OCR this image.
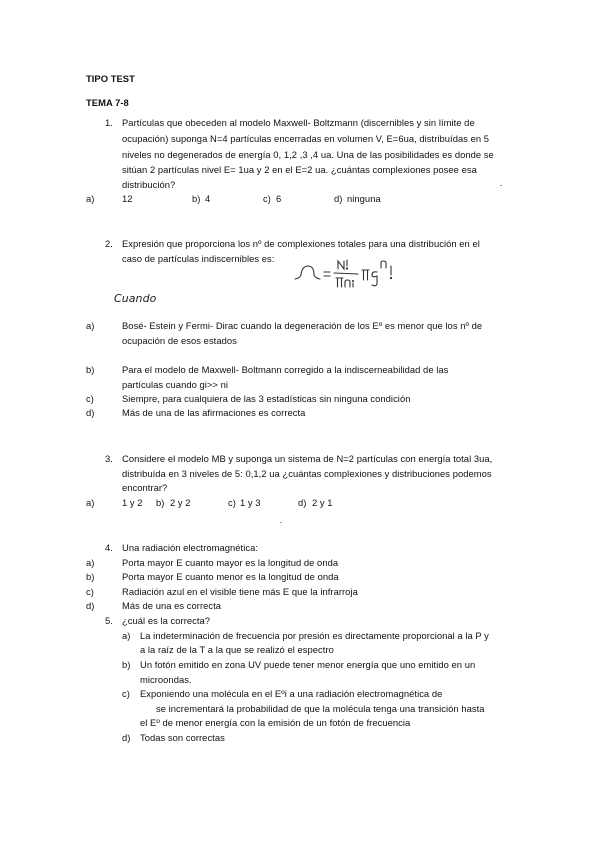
TIPO TEST
TEMA 7-8
1. Partículas que obeceden al modelo Maxwell- Boltzmann (discernibles y sin límite de
ocupación) suponga N=4 partículas encerradas en volumen V, E=6ua, distribuídas en 5
niveles no degenerados de energía 0, 1,2 ,3 ,4 ua. Una de las posibilidades es donde se
sitúan 2 partículas nivel E= 1ua y 2 en el E=2 ua. ¿cuántas complexiones posee esa
distribución?
a)	12	b) 4	c) 6	d) ninguna
2. Expresión que proporciona los nº de complexiones totales para una distribución en el
caso de partículas indiscernibles es:
Cuando
a)	Bosé- Estein y Fermi- Dirac cuando la degeneración de los Eº es menor que los nº de
ocupación de esos estados
b)	Para el modelo de Maxwell- Boltmann corregido a la indiscerneabilidad de las
partículas cuando gi>> ni
c)	Siempre, para cualquiera de las 3 estadísticas sin ninguna condición
d)	Más de una de las afirmaciones es correcta
3. Considere el modelo MB y suponga un sistema de N=2 partículas con energía total 3ua,
distribuída en 3 niveles de 5: 0,1,2 ua ¿cuántas complexiones y distribuciones podemos
encontrar?
a)	1 y 2 b) 2 y 2	c) 1 y 3	d) 2 y 1
4. Una radiación electromagnética:
a)	Porta mayor E cuanto mayor es la longitud de onda
b)	Porta mayor E cuanto menor es la longitud de onda
c)	Radiación azul en el visible tiene más E que la infrarroja
d)	Más de una es correcta
5. ¿cuál es la correcta?
a) La indeterminación de frecuencia por presión es directamente proporcional a la P y
a la raíz de la T a la que se realizó el espectro
b) Un fotón emitido en zona UV puede tener menor energía que uno emitido en un
microondas.
c) Exponiendo una molécula en el Eºi a una radiación electromagnética de
se incrementará la probabilidad de que la molécula tenga una transición hasta
el Eº de menor energía con la emisión de un fotón de frecuencia
d) Todas son correctas
